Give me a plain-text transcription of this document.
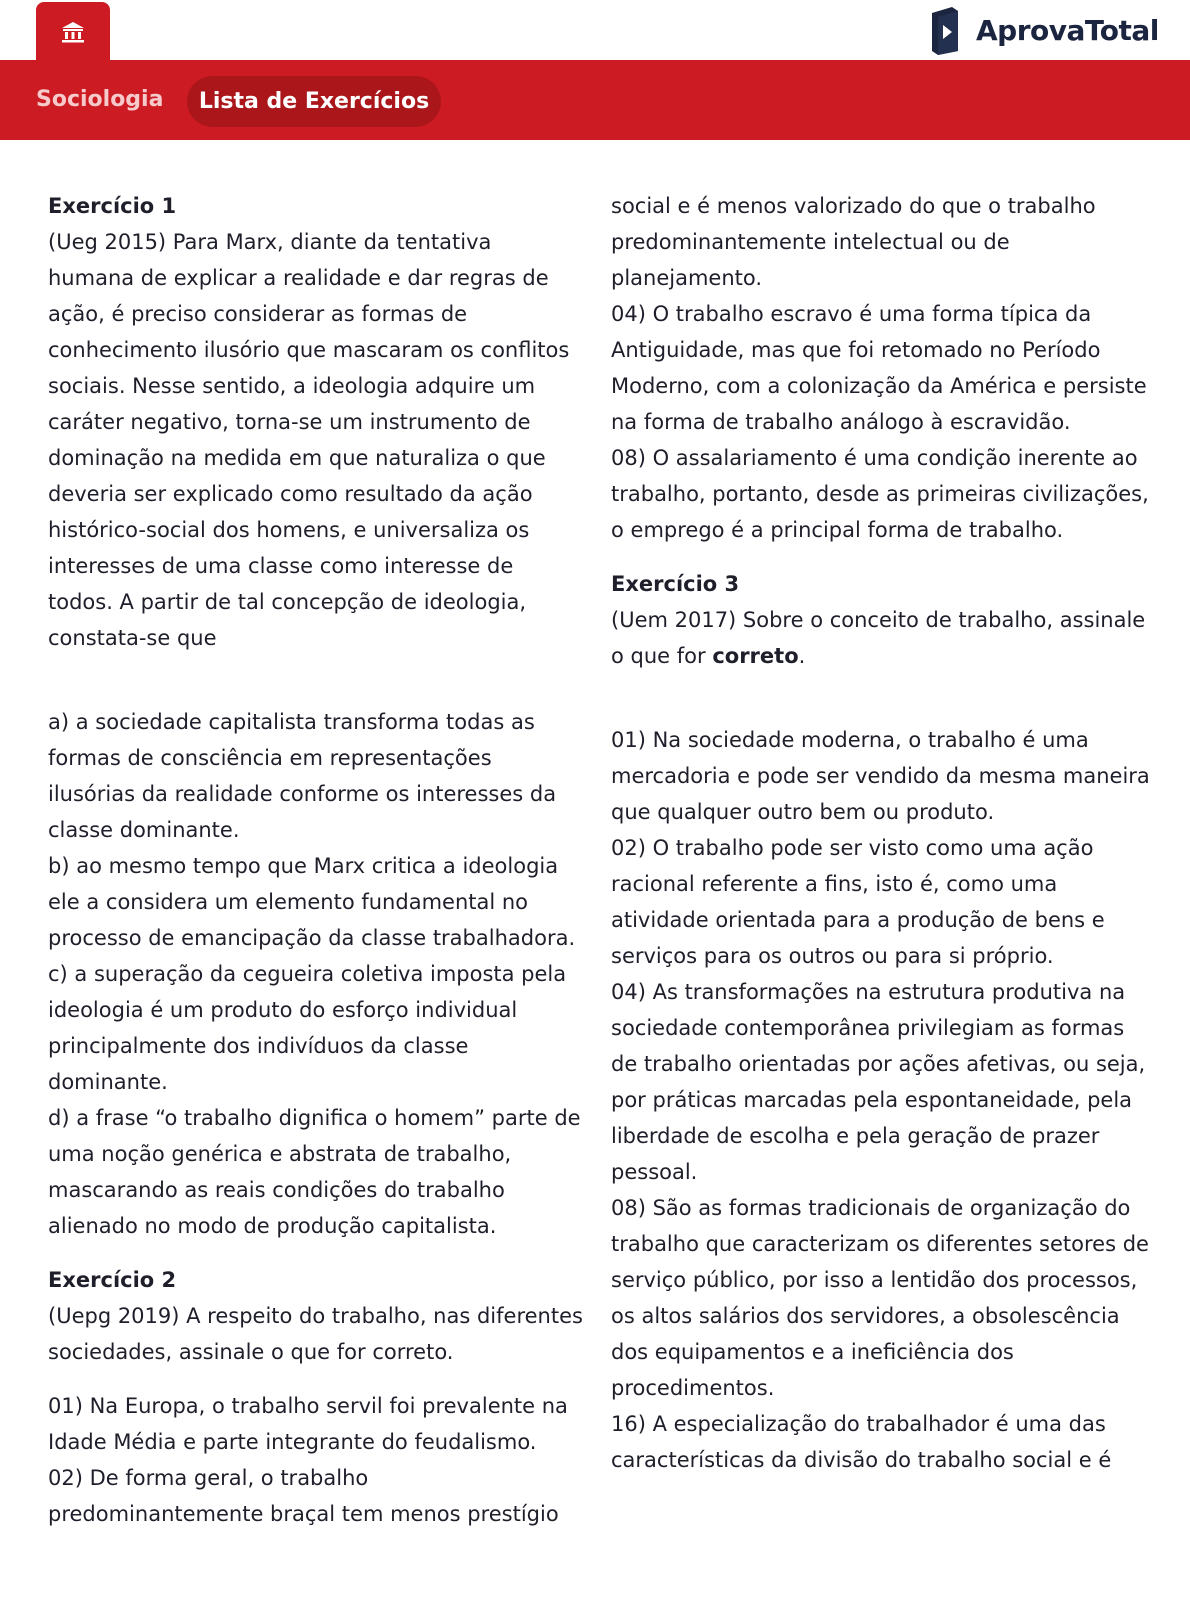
AprovaTotal
Sociologia	Lista de Exercícios

Exercício 1

(Ueg 2015) Para Marx, diante da tentativa humana de explicar a realidade e dar regras de ação, é preciso considerar as formas de conhecimento ilusório que mascaram os conflitos sociais. Nesse sentido, a ideologia adquire um caráter negativo, torna-se um instrumento de dominação na medida em que naturaliza o que deveria ser explicado como resultado da ação histórico-social dos homens, e universaliza os interesses de uma classe como interesse de todos. A partir de tal concepção de ideologia, constata-se que

a) a sociedade capitalista transforma todas as formas de consciência em representações ilusórias da realidade conforme os interesses da classe dominante.

b) ao mesmo tempo que Marx critica a ideologia ele a considera um elemento fundamental no processo de emancipação da classe trabalhadora.

c) a superação da cegueira coletiva imposta pela ideologia é um produto do esforço individual principalmente dos indivíduos da classe dominante.

d) a frase “o trabalho dignifica o homem” parte de uma noção genérica e abstrata de trabalho, mascarando as reais condições do trabalho alienado no modo de produção capitalista.

Exercício 2

(Uepg 2019) A respeito do trabalho, nas diferentes sociedades, assinale o que for correto.

01) Na Europa, o trabalho servil foi prevalente na Idade Média e parte integrante do feudalismo.

02) De forma geral, o trabalho predominantemente braçal tem menos prestígio

social e é menos valorizado do que o trabalho predominantemente intelectual ou de planejamento.

04) O trabalho escravo é uma forma típica da Antiguidade, mas que foi retomado no Período Moderno, com a colonização da América e persiste na forma de trabalho análogo à escravidão.

08) O assalariamento é uma condição inerente ao trabalho, portanto, desde as primeiras civilizações, o emprego é a principal forma de trabalho.

Exercício 3

(Uem 2017) Sobre o conceito de trabalho, assinale o que for correto.

01) Na sociedade moderna, o trabalho é uma mercadoria e pode ser vendido da mesma maneira que qualquer outro bem ou produto.

02) O trabalho pode ser visto como uma ação racional referente a fins, isto é, como uma atividade orientada para a produção de bens e serviços para os outros ou para si próprio.

04) As transformações na estrutura produtiva na sociedade contemporânea privilegiam as formas de trabalho orientadas por ações afetivas, ou seja, por práticas marcadas pela espontaneidade, pela liberdade de escolha e pela geração de prazer pessoal.

08) São as formas tradicionais de organização do trabalho que caracterizam os diferentes setores de serviço público, por isso a lentidão dos processos, os altos salários dos servidores, a obsolescência dos equipamentos e a ineficiência dos procedimentos.

16) A especialização do trabalhador é uma das características da divisão do trabalho social e é
